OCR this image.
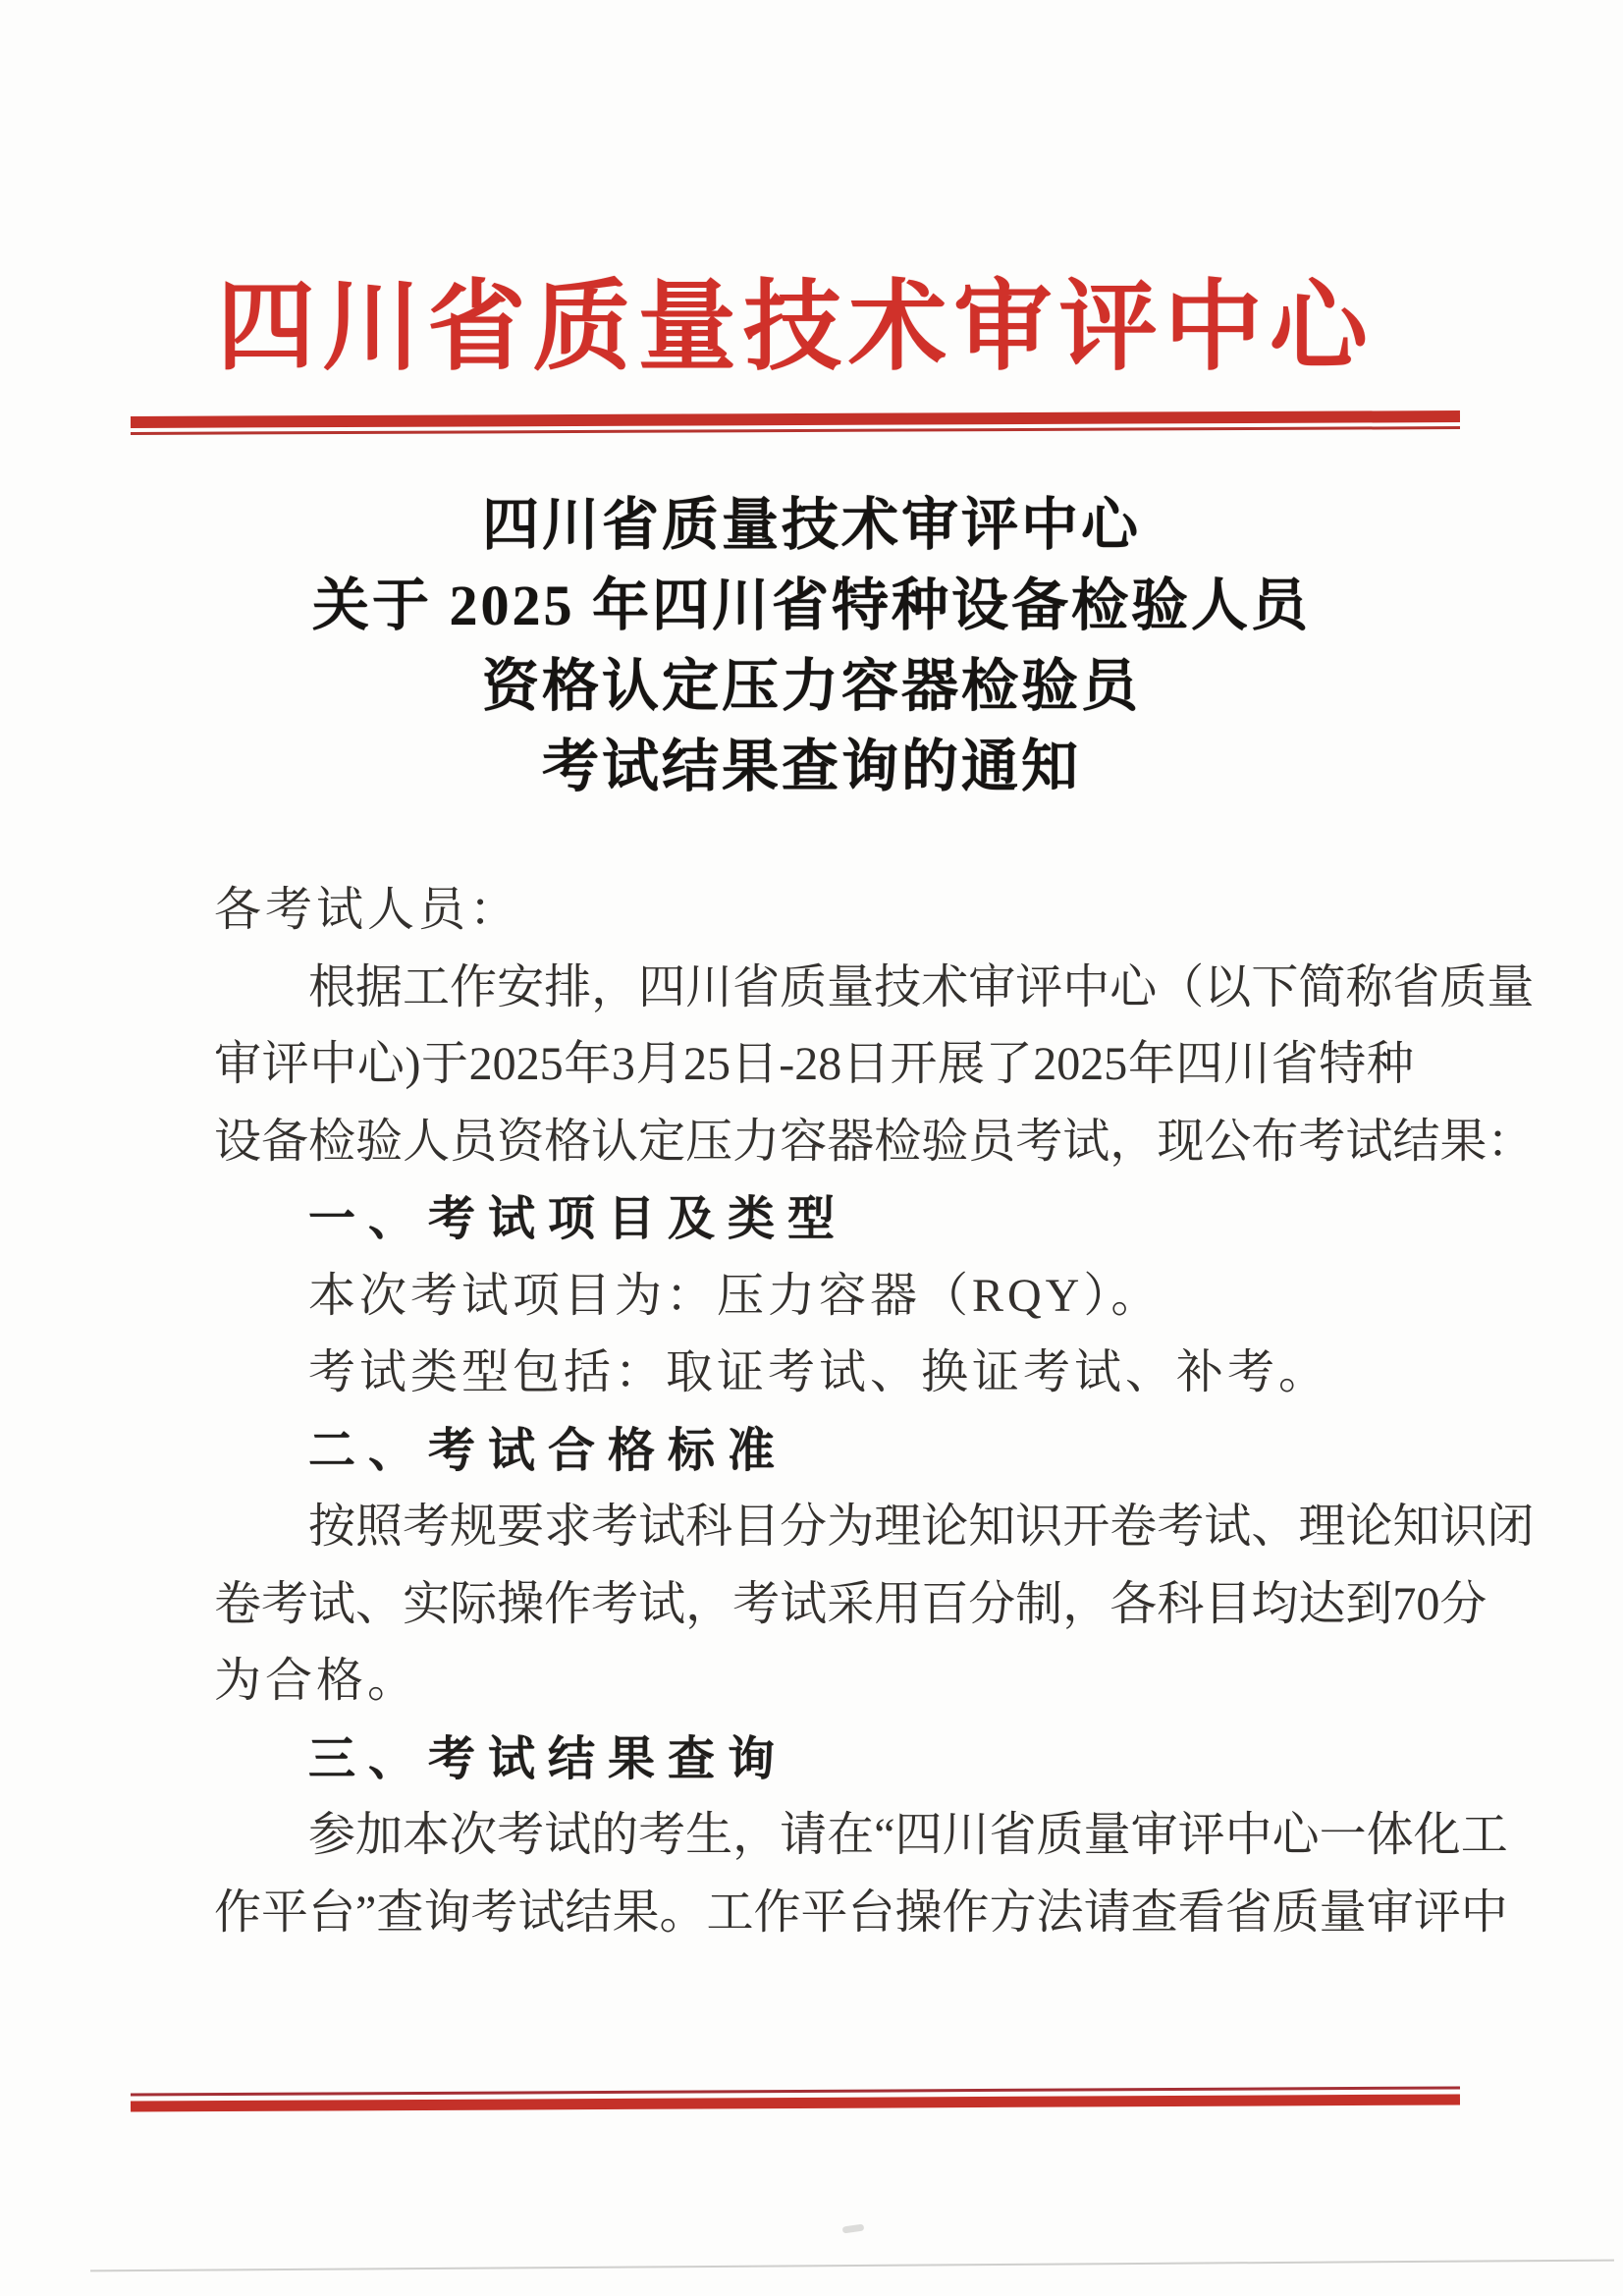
四 川 省 质 量 技 术 审 评 中 心
四川省质量技术审评中心
关于 2025 年四川省特种设备检验人员
资格认定压力容器检验员
考试结果查询的通知
各考试人员：
根 据 工 作 安 排 ， 四 川 省 质 量 技 术 审 评 中 心 （ 以 下 简 称 省 质 量
审 评 中 心 ) 于 2025 年 3 月 25 日 -28 日 开 展 了 2025 年 四 川 省 特 种
设 备 检 验 人 员 资 格 认 定 压 力 容 器 检 验 员 考 试 ， 现 公 布 考 试 结 果 ：
一、考试项目及类型
本次考试项目为：压力容器（RQY）。
考试类型包括：取证考试、换证考试、补考。
二、考试合格标准
按 照 考 规 要 求 考 试 科 目 分 为 理 论 知 识 开 卷 考 试 、 理 论 知 识 闭
卷 考 试 、 实 际 操 作 考 试 ， 考 试 采 用 百 分 制 ， 各 科 目 均 达 到 70 分
为合格。
三、考试结果查询
参 加 本 次 考 试 的 考 生 ， 请 在 “ 四 川 省 质 量 审 评 中 心 一 体 化 工
作 平 台 ” 查 询 考 试 结 果 。 工 作 平 台 操 作 方 法 请 查 看 省 质 量 审 评 中
